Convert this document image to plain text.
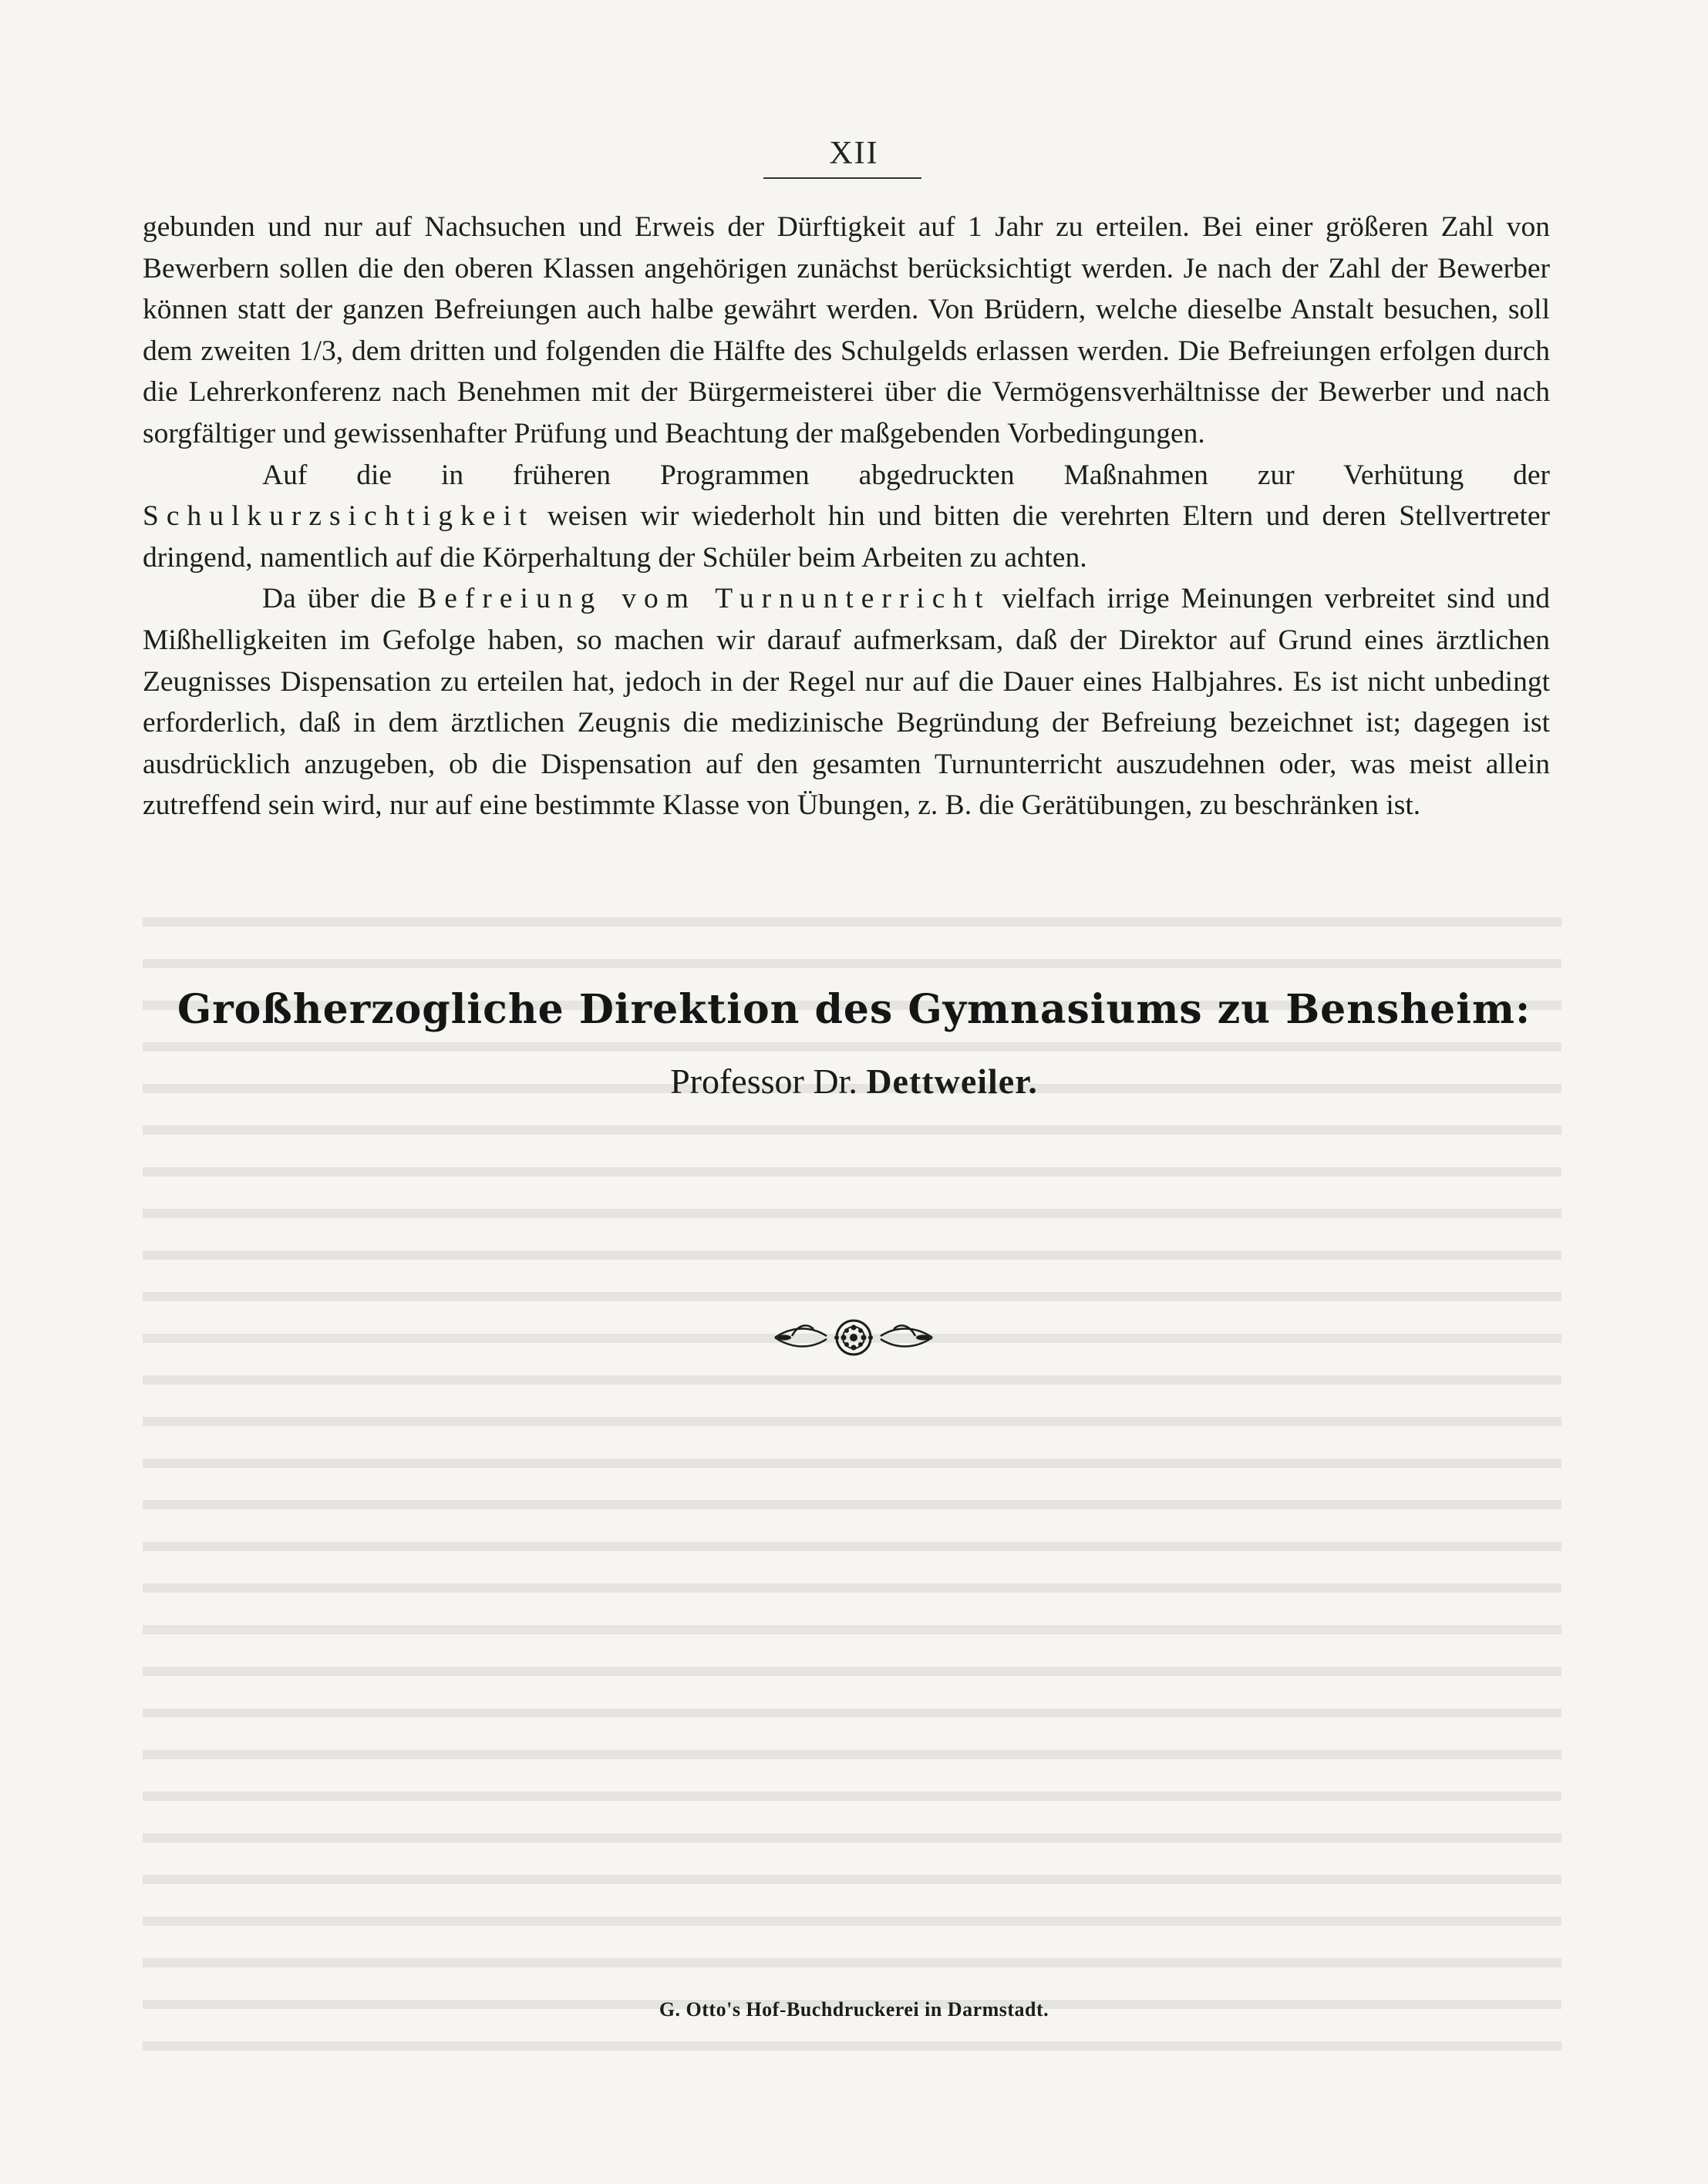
XII

gebunden und nur auf Nachsuchen und Erweis der Dürftigkeit auf 1 Jahr zu erteilen. Bei einer größeren Zahl von Bewerbern sollen die den oberen Klassen angehörigen zunächst berücksichtigt werden. Je nach der Zahl der Bewerber können statt der ganzen Befreiungen auch halbe gewährt werden. Von Brüdern, welche dieselbe Anstalt besuchen, soll dem zweiten 1/3, dem dritten und folgenden die Hälfte des Schulgelds erlassen werden. Die Befreiungen erfolgen durch die Lehrerkonferenz nach Benehmen mit der Bürgermeisterei über die Vermögensverhältnisse der Bewerber und nach sorgfältiger und gewissenhafter Prüfung und Beachtung der maßgebenden Vorbedingungen.

Auf die in früheren Programmen abgedruckten Maßnahmen zur Verhütung der Schulkurzsichtigkeit weisen wir wiederholt hin und bitten die verehrten Eltern und deren Stellvertreter dringend, namentlich auf die Körperhaltung der Schüler beim Arbeiten zu achten.

Da über die Befreiung vom Turnunterricht vielfach irrige Meinungen verbreitet sind und Mißhelligkeiten im Gefolge haben, so machen wir darauf aufmerksam, daß der Direktor auf Grund eines ärztlichen Zeugnisses Dispensation zu erteilen hat, jedoch in der Regel nur auf die Dauer eines Halbjahres. Es ist nicht unbedingt erforderlich, daß in dem ärztlichen Zeugnis die medizinische Begründung der Befreiung bezeichnet ist; dagegen ist ausdrücklich anzugeben, ob die Dispensation auf den gesamten Turnunterricht auszudehnen oder, was meist allein zutreffend sein wird, nur auf eine bestimmte Klasse von Übungen, z. B. die Gerätübungen, zu beschränken ist.

Großherzogliche Direktion des Gymnasiums zu Bensheim:
Professor Dr. Dettweiler.
G. Otto's Hof-Buchdruckerei in Darmstadt.
